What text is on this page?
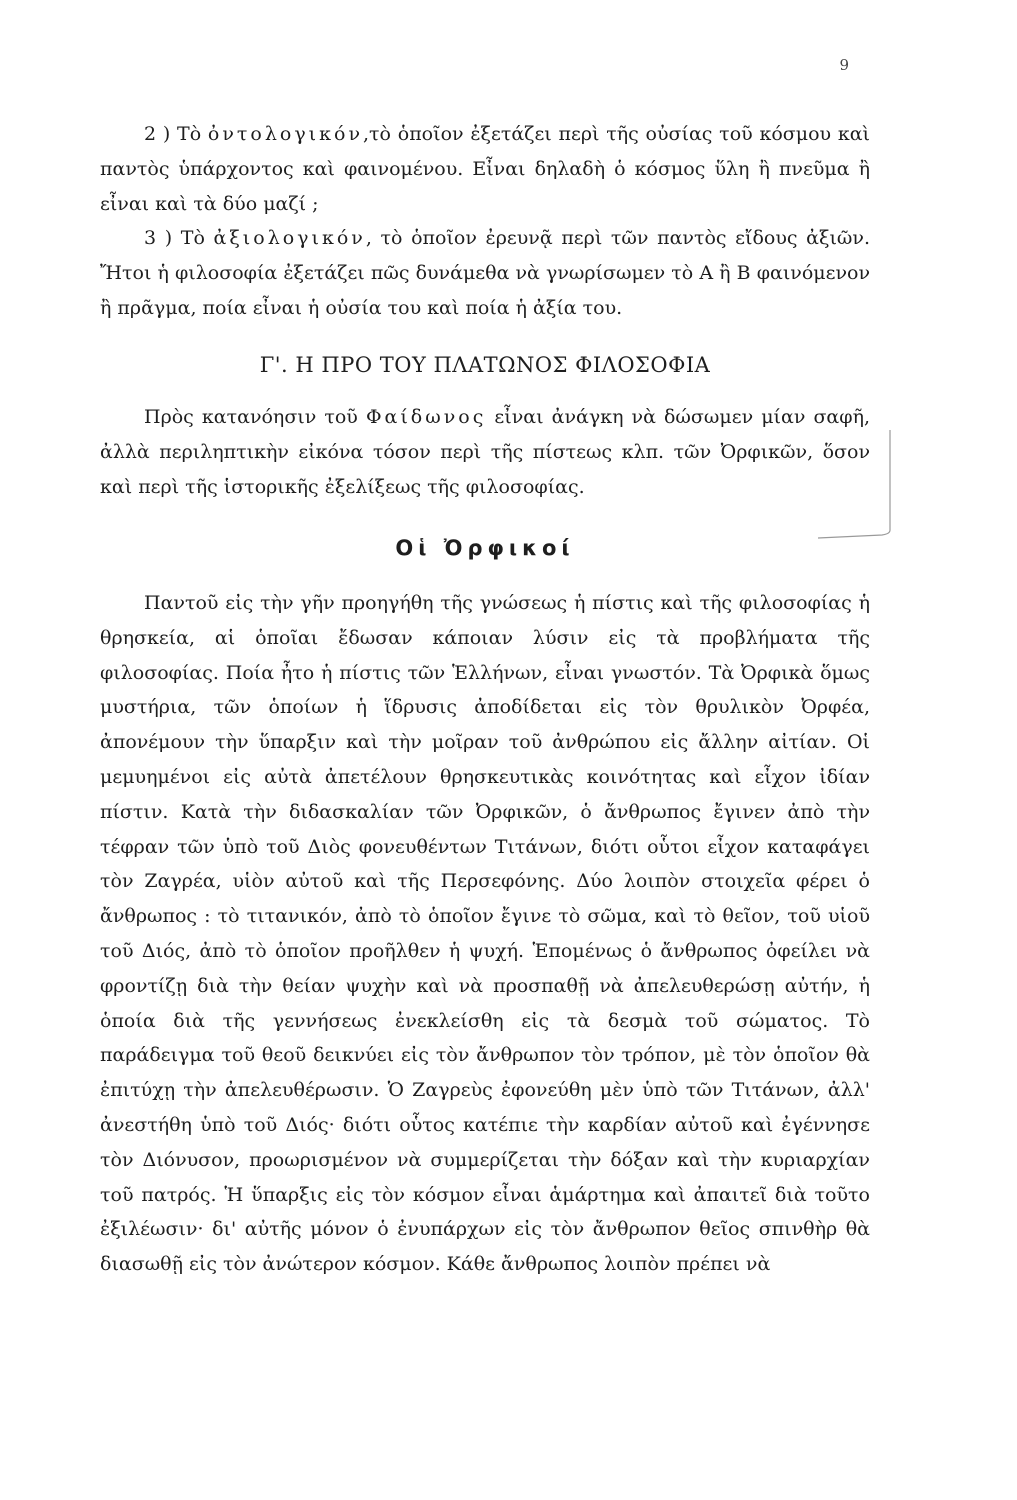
9

2 ) Τὸ ὀντολογικόν,τὸ ὁποῖον ἐξετάζει περὶ τῆς οὐσίας τοῦ κόσμου καὶ παντὸς ὑπάρχοντος καὶ φαινομένου. Εἶναι δηλαδὴ ὁ κόσμος ὕλη ἢ πνεῦμα ἢ εἶναι καὶ τὰ δύο μαζί ;

3 ) Τὸ ἀξιολογικόν, τὸ ὁποῖον ἐρευνᾷ περὶ τῶν παντὸς εἴδους ἀξιῶν. Ἤτοι ἡ φιλοσοφία ἐξετάζει πῶς δυνάμεθα νὰ γνωρίσωμεν τὸ Α ἢ Β φαινόμενον ἢ πρᾶγμα, ποία εἶναι ἡ οὐσία του καὶ ποία ἡ ἀξία του.

Γ'. Η ΠΡΟ ΤΟΥ ΠΛΑΤΩΝΟΣ ΦΙΛΟΣΟΦΙΑ

Πρὸς κατανόησιν τοῦ Φαίδωνος εἶναι ἀνάγκη νὰ δώσωμεν μίαν σαφῆ, ἀλλὰ περιληπτικὴν εἰκόνα τόσον περὶ τῆς πίστεως κλπ. τῶν Ὀρφικῶν, ὅσον καὶ περὶ τῆς ἱστορικῆς ἐξελίξεως τῆς φιλοσοφίας.

Οἱ Ὀρφικοί

Παντοῦ εἰς τὴν γῆν προηγήθη τῆς γνώσεως ἡ πίστις καὶ τῆς φιλοσοφίας ἡ θρησκεία, αἱ ὁποῖαι ἔδωσαν κάποιαν λύσιν εἰς τὰ προβλήματα τῆς φιλοσοφίας. Ποία ἦτο ἡ πίστις τῶν Ἑλλήνων, εἶναι γνωστόν. Τὰ Ὀρφικὰ ὅμως μυστήρια, τῶν ὁποίων ἡ ἵδρυσις ἀποδίδεται εἰς τὸν θρυλικὸν Ὀρφέα, ἀπονέμουν τὴν ὕπαρξιν καὶ τὴν μοῖραν τοῦ ἀνθρώπου εἰς ἄλλην αἰτίαν. Οἱ μεμυημένοι εἰς αὐτὰ ἀπετέλουν θρησκευτικὰς κοινότητας καὶ εἶχον ἰδίαν πίστιν. Κατὰ τὴν διδασκαλίαν τῶν Ὀρφικῶν, ὁ ἄνθρωπος ἔγινεν ἀπὸ τὴν τέφραν τῶν ὑπὸ τοῦ Διὸς φονευθέντων Τιτάνων, διότι οὗτοι εἶχον καταφάγει τὸν Ζαγρέα, υἱὸν αὐτοῦ καὶ τῆς Περσεφόνης. Δύο λοιπὸν στοιχεῖα φέρει ὁ ἄνθρωπος : τὸ τιτανικόν, ἀπὸ τὸ ὁποῖον ἔγινε τὸ σῶμα, καὶ τὸ θεῖον, τοῦ υἱοῦ τοῦ Διός, ἀπὸ τὸ ὁποῖον προῆλθεν ἡ ψυχή. Ἑπομένως ὁ ἄνθρωπος ὀφείλει νὰ φροντίζῃ διὰ τὴν θείαν ψυχὴν καὶ νὰ προσπαθῇ νὰ ἀπελευθερώσῃ αὐτήν, ἡ ὁποία διὰ τῆς γεννήσεως ἐνεκλείσθη εἰς τὰ δεσμὰ τοῦ σώματος. Τὸ παράδειγμα τοῦ θεοῦ δεικνύει εἰς τὸν ἄνθρωπον τὸν τρόπον, μὲ τὸν ὁποῖον θὰ ἐπιτύχῃ τὴν ἀπελευθέρωσιν. Ὁ Ζαγρεὺς ἐφονεύθη μὲν ὑπὸ τῶν Τιτάνων, ἀλλ' ἀνεστήθη ὑπὸ τοῦ Διός· διότι οὗτος κατέπιε τὴν καρδίαν αὐτοῦ καὶ ἐγέννησε τὸν Διόνυσον, προωρισμένον νὰ συμμερίζεται τὴν δόξαν καὶ τὴν κυριαρχίαν τοῦ πατρός. Ἡ ὕπαρξις εἰς τὸν κόσμον εἶναι ἁμάρτημα καὶ ἀπαιτεῖ διὰ τοῦτο ἐξιλέωσιν· δι' αὐτῆς μόνον ὁ ἐνυπάρχων εἰς τὸν ἄνθρωπον θεῖος σπινθὴρ θὰ διασωθῇ εἰς τὸν ἀνώτερον κόσμον. Κάθε ἄνθρωπος λοιπὸν πρέπει νὰ
